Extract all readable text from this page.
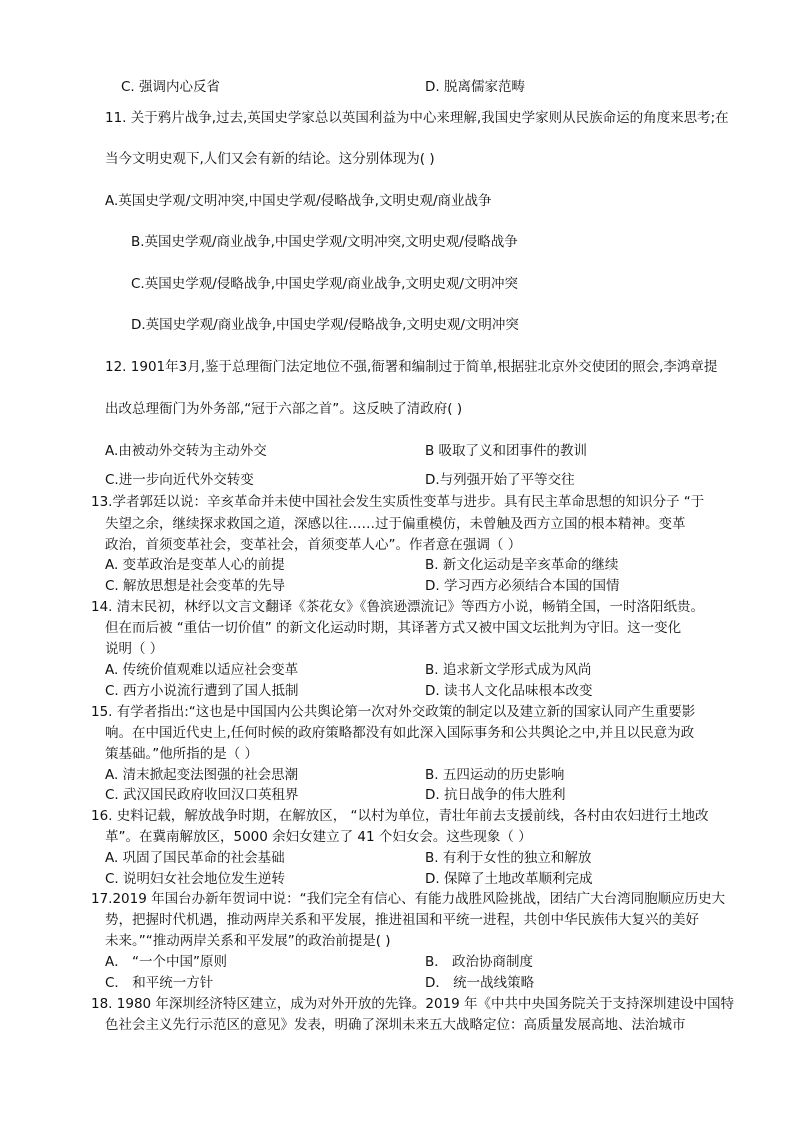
C. 强调内心反省	D. 脱离儒家范畴
11. 关于鸦片战争,过去,英国史学家总以英国利益为中心来理解,我国史学家则从民族命运的角度来思考;在
当今文明史观下,人们又会有新的结论。这分别体现为( )
A.英国史学观/文明冲突,中国史学观/侵略战争,文明史观/商业战争
B.英国史学观/商业战争,中国史学观/文明冲突,文明史观/侵略战争
C.英国史学观/侵略战争,中国史学观/商业战争,文明史观/文明冲突
D.英国史学观/商业战争,中国史学观/侵略战争,文明史观/文明冲突
12. 1901年3月,鉴于总理衙门法定地位不强,衙署和编制过于简单,根据驻北京外交使团的照会,李鸿章提
出改总理衙门为外务部,“冠于六部之首”。这反映了清政府( )
A.由被动外交转为主动外交	B 吸取了义和团事件的教训
C.进一步向近代外交转变	D.与列强开始了平等交往
13.学者郭廷以说：辛亥革命并未使中国社会发生实质性变革与进步。具有民主革命思想的知识分子 “于
失望之余，继续探求救国之道，深感以往……过于偏重模仿，未曾触及西方立国的根本精神。变革
政治，首须变革社会，变革社会，首须变革人心”。作者意在强调（ ）
A. 变革政治是变革人心的前提	B. 新文化运动是辛亥革命的继续
C. 解放思想是社会变革的先导	D. 学习西方必须结合本国的国情
14. 清末民初，林纾以文言文翻译《茶花女》《鲁滨逊漂流记》等西方小说，畅销全国，一时洛阳纸贵。
但在而后被 “重估一切价值” 的新文化运动时期，其译著方式又被中国文坛批判为守旧。这一变化
说明（ ）
A. 传统价值观难以适应社会变革	B. 追求新文学形式成为风尚
C. 西方小说流行遭到了国人抵制	D. 读书人文化品味根本改变
15. 有学者指出:“这也是中国国内公共舆论第一次对外交政策的制定以及建立新的国家认同产生重要影
响。在中国近代史上,任何时候的政府策略都没有如此深入国际事务和公共舆论之中,并且以民意为政
策基础。”他所指的是（ ）
A. 清末掀起变法图强的社会思潮	B. 五四运动的历史影响
C. 武汉国民政府收回汉口英租界	D. 抗日战争的伟大胜利
16. 史料记载，解放战争时期，在解放区， “以村为单位，青壮年前去支援前线，各村由农妇进行土地改
革”。在冀南解放区，5000 余妇女建立了 41 个妇女会。这些现象（ ）
A. 巩固了国民革命的社会基础	B. 有利于女性的独立和解放
C. 说明妇女社会地位发生逆转	D. 保障了土地改革顺利完成
17.2019 年国台办新年贺词中说：“我们完全有信心、有能力战胜风险挑战，团结广大台湾同胞顺应历史大
势，把握时代机遇，推动两岸关系和平发展，推进祖国和平统一进程，共创中华民族伟大复兴的美好
未来。”“推动两岸关系和平发展”的政治前提是( )
A． “一个中国”原则	B． 政治协商制度
C． 和平统一方针	D． 统一战线策略
18. 1980 年深圳经济特区建立，成为对外开放的先锋。2019 年《中共中央国务院关于支持深圳建设中国特
色社会主义先行示范区的意见》发表，明确了深圳未来五大战略定位：高质量发展高地、法治城市
